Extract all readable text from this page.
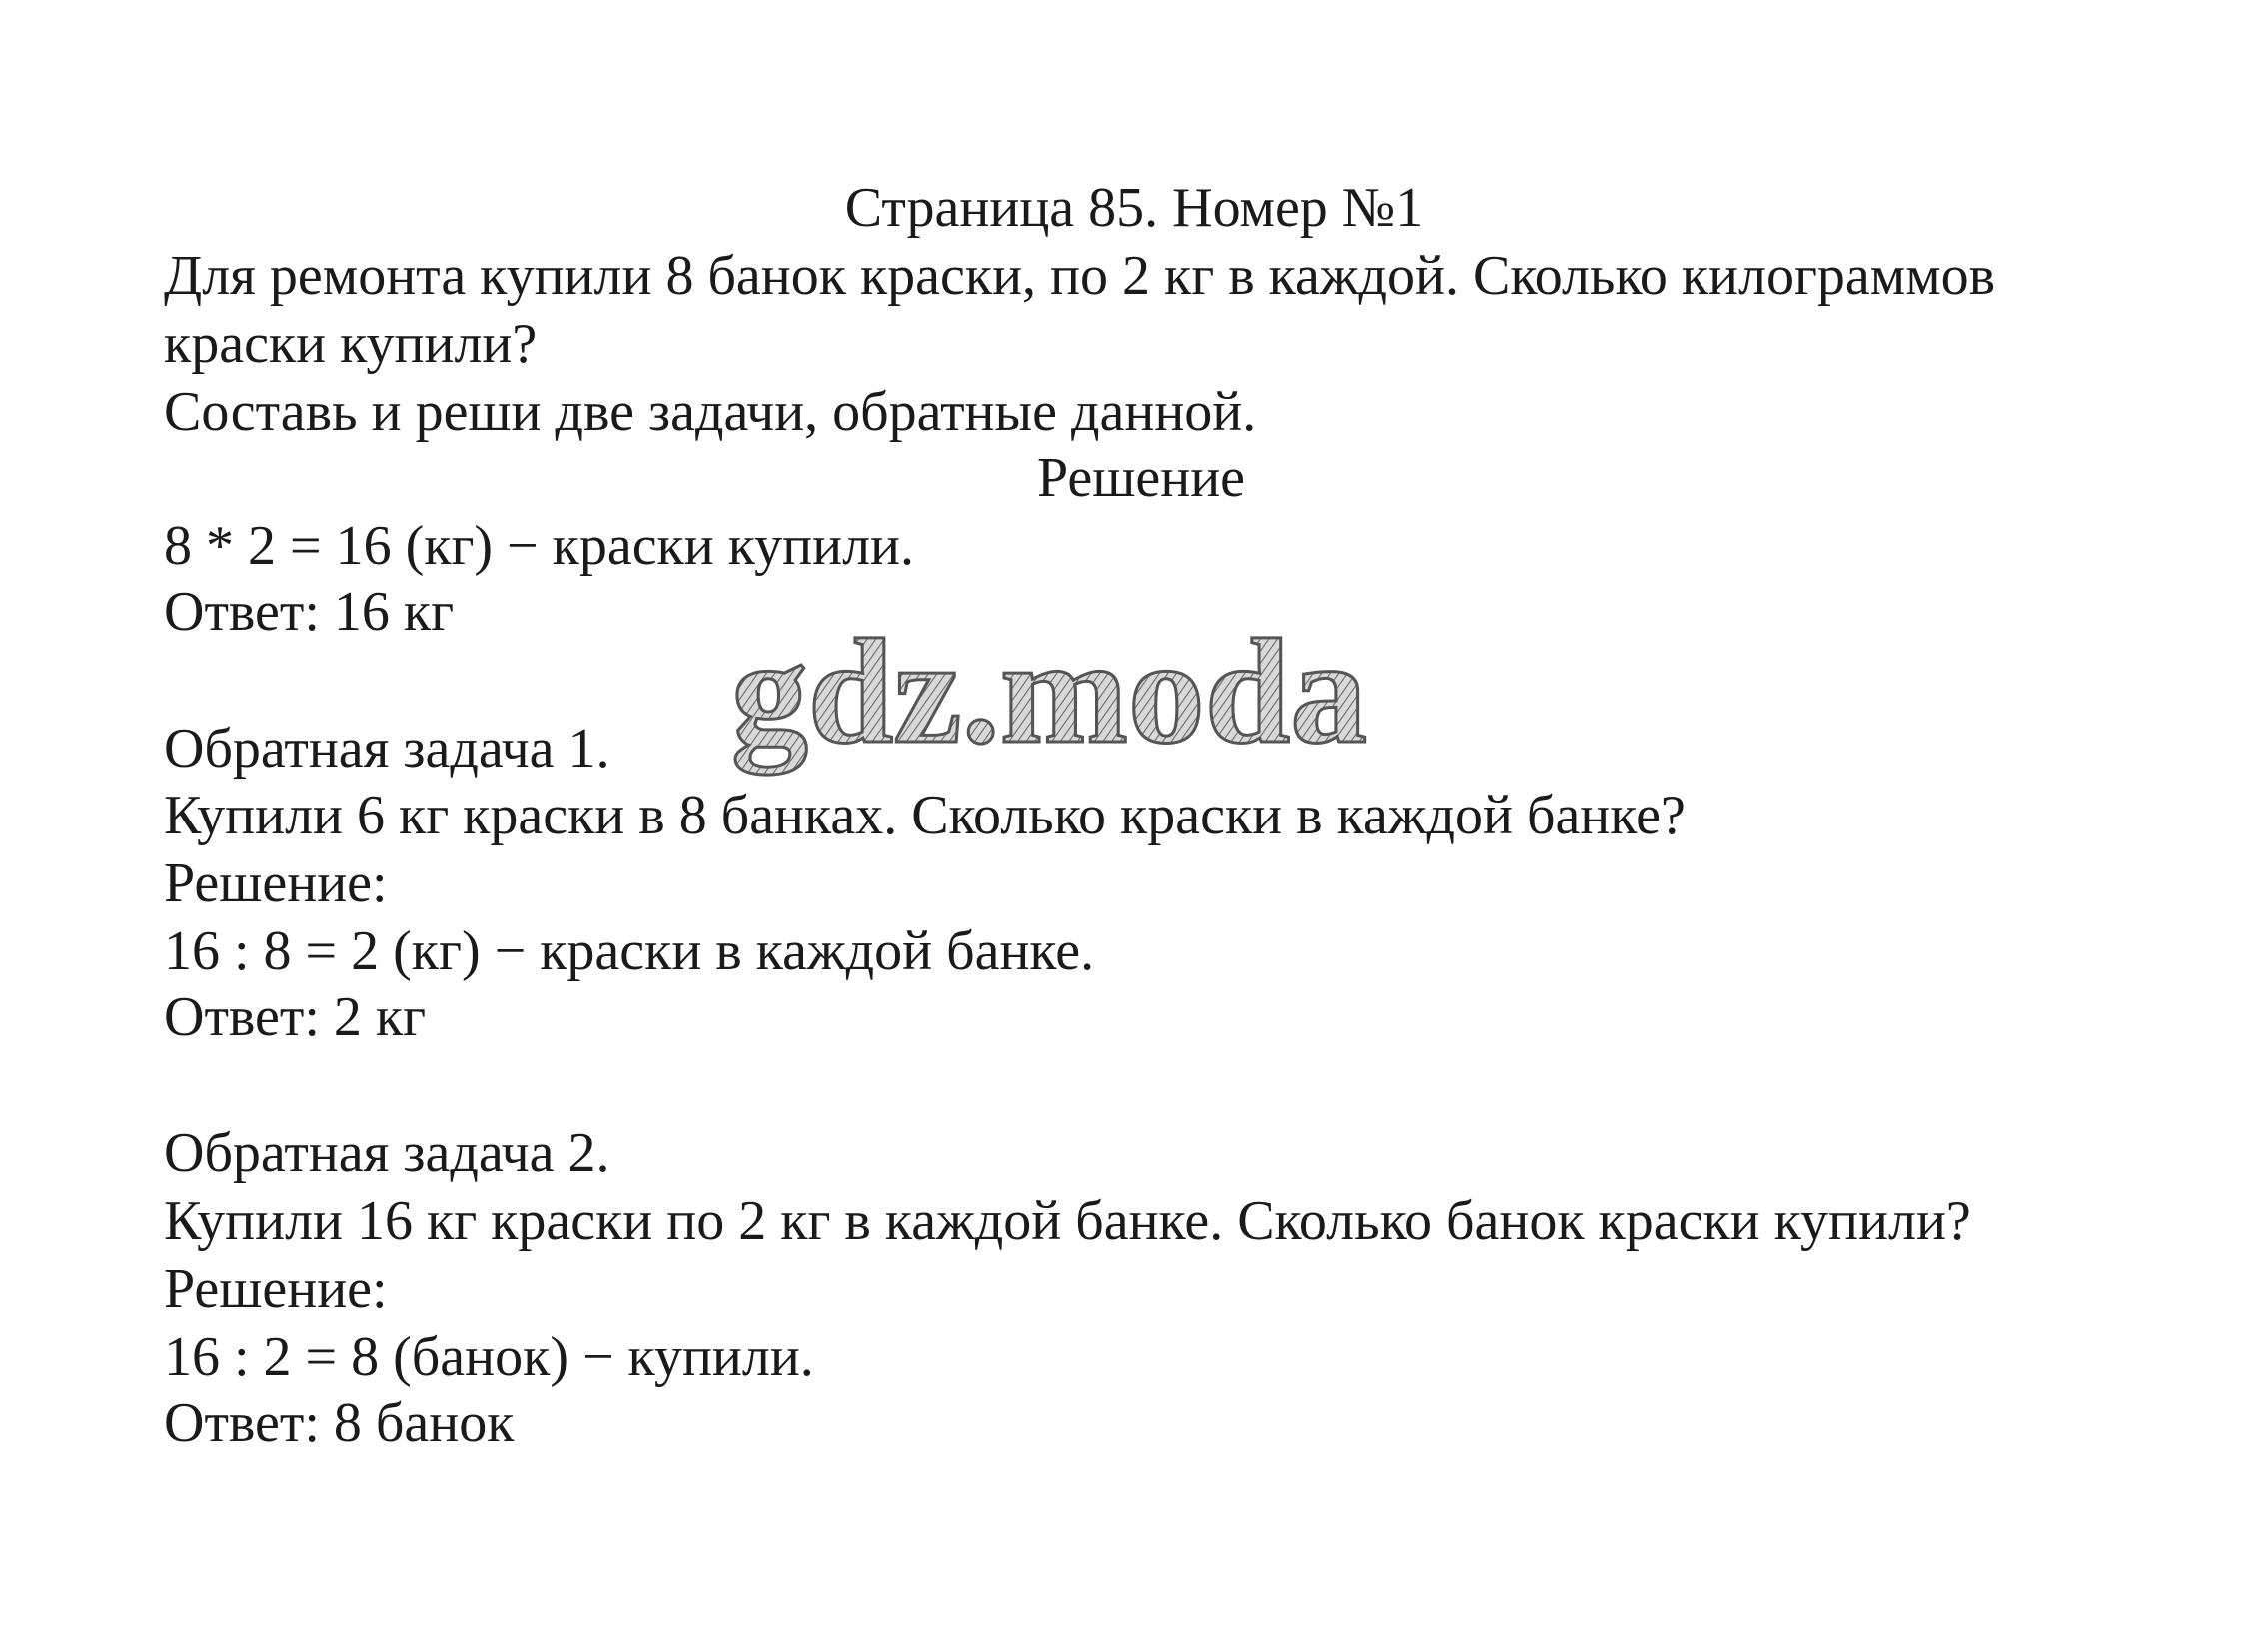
Страница 85. Номер №1

Для ремонта купили 8 банок краски, по 2 кг в каждой. Сколько килограммов

краски купили?

Составь и реши две задачи, обратные данной.

Решение

8 * 2 = 16 (кг) − краски купили.

Ответ: 16 кг

Обратная задача 1.

Купили 6 кг краски в 8 банках. Сколько краски в каждой банке?

Решение:

16 : 8 = 2 (кг) − краски в каждой банке.

Ответ: 2 кг

Обратная задача 2.

Купили 16 кг краски по 2 кг в каждой банке. Сколько банок краски купили?

Решение:

16 : 2 = 8 (банок) − купили.

Ответ: 8 банок

gdz.moda
